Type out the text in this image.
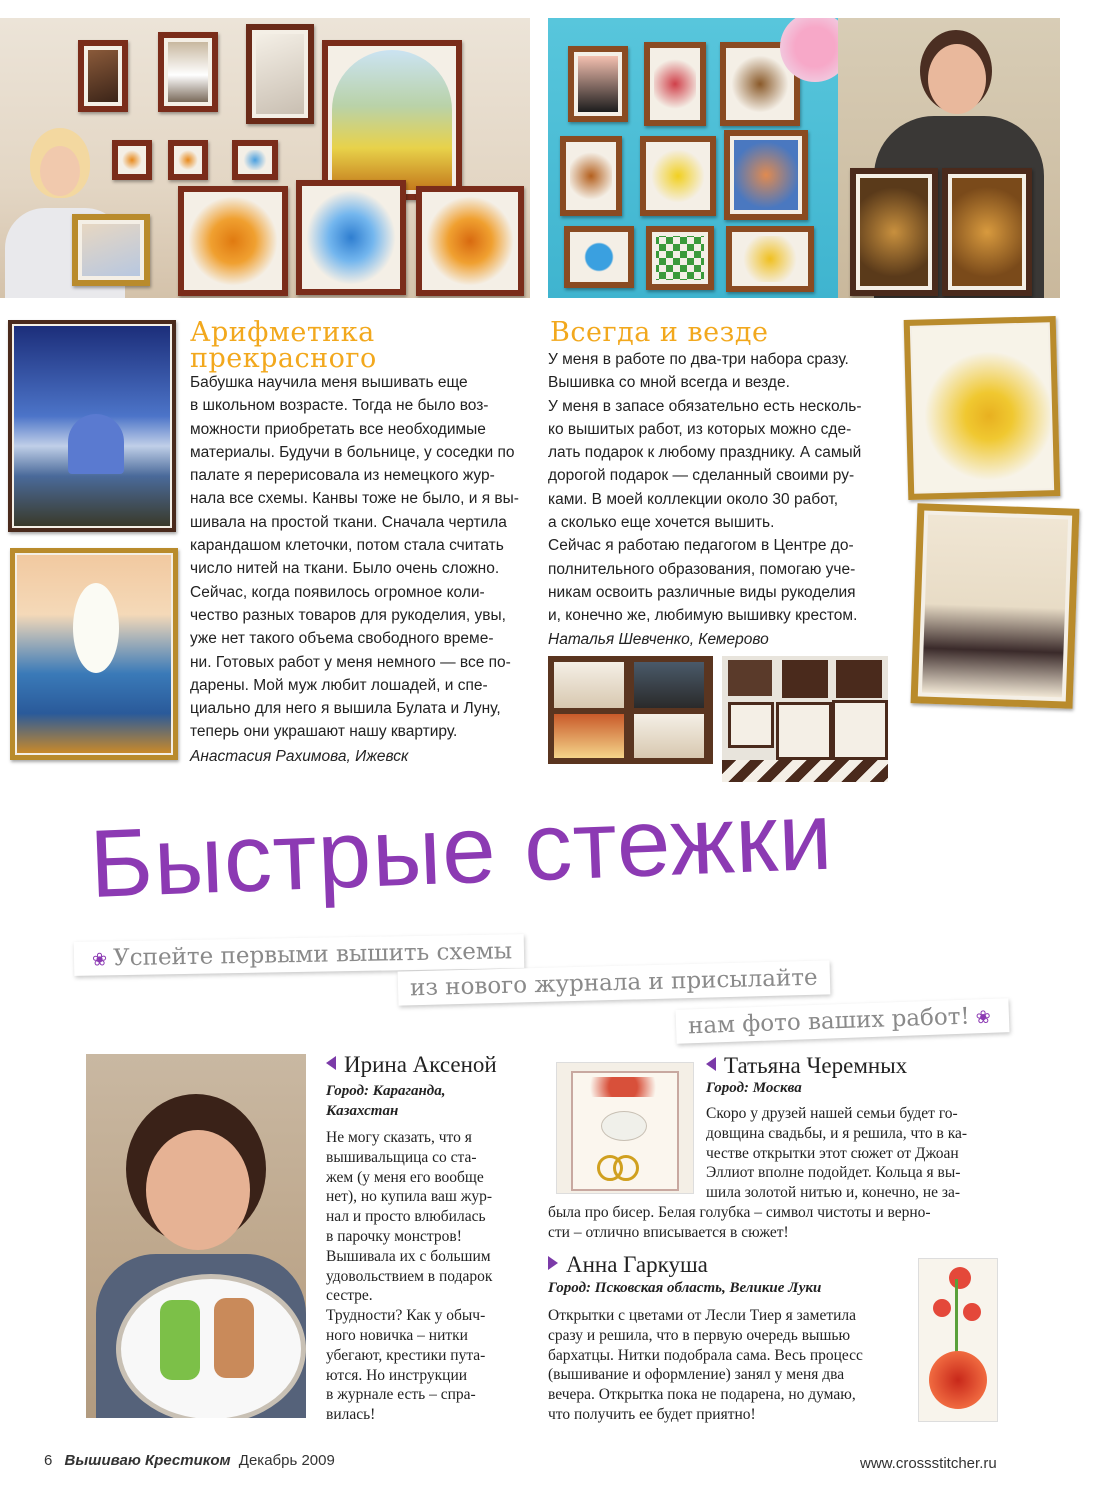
Арифметика
прекрасного
Бабушка научила меня вышивать еще
в школьном возрасте. Тогда не было воз-
можности приобретать все необходимые
материалы. Будучи в больнице, у соседки по
палате я перерисовала из немецкого жур-
нала все схемы. Канвы тоже не было, и я вы-
шивала на простой ткани. Сначала чертила
карандашом клеточки, потом стала считать
число нитей на ткани. Было очень сложно.
Сейчас, когда появилось огромное коли-
чество разных товаров для рукоделия, увы,
уже нет такого объема свободного време-
ни. Готовых работ у меня немного — все по-
дарены. Мой муж любит лошадей, и спе-
циально для него я вышила Булата и Луну,
теперь они украшают нашу квартиру.
Анастасия Рахимова, Ижевск
Всегда и везде
У меня в работе по два-три набора сразу.
Вышивка со мной всегда и везде.
У меня в запасе обязательно есть несколь-
ко вышитых работ, из которых можно сде-
лать подарок к любому празднику. А самый
дорогой подарок — сделанный своими ру-
ками. В моей коллекции около 30 работ,
а сколько еще хочется вышить.
Сейчас я работаю педагогом в Центре до-
полнительного образования, помогаю уче-
никам освоить различные виды рукоделия
и, конечно же, любимую вышивку крестом.
Наталья Шевченко, Кемерово
Быстрые стежки
❀ Успейте первыми вышить схемы
из нового журнала и присылайте
нам фото ваших работ! ❀
Ирина Аксеной
Город: Караганда,
Казахстан
Не могу сказать, что я
вышивальщица со ста-
жем (у меня его вообще
нет), но купила ваш жур-
нал и просто влюбилась
в парочку монстров!
Вышивала их с большим
удовольствием в подарок
сестре.
Трудности? Как у обыч-
ного новичка – нитки
убегают, крестики пута-
ются. Но инструкции
в журнале есть – спра-
вилась!
Татьяна Черемных
Город: Москва
Скоро у друзей нашей семьи будет го-
довщина свадьбы, и я решила, что в ка-
честве открытки этот сюжет от Джоан
Эллиот вполне подойдет. Кольца я вы-
шила золотой нитью и, конечно, не за-
была про бисер. Белая голубка – символ чистоты и верно-
сти – отлично вписывается в сюжет!
Анна Гаркуша
Город: Псковская область, Великие Луки
Открытки с цветами от Лесли Тиер я заметила
сразу и решила, что в первую очередь вышью
бархатцы. Нитки подобрала сама. Весь процесс
(вышивание и оформление) занял у меня два
вечера. Открытка пока не подарена, но думаю,
что получить ее будет приятно!
6 Вышиваю Крестиком Декабрь 2009	www.crossstitcher.ru
